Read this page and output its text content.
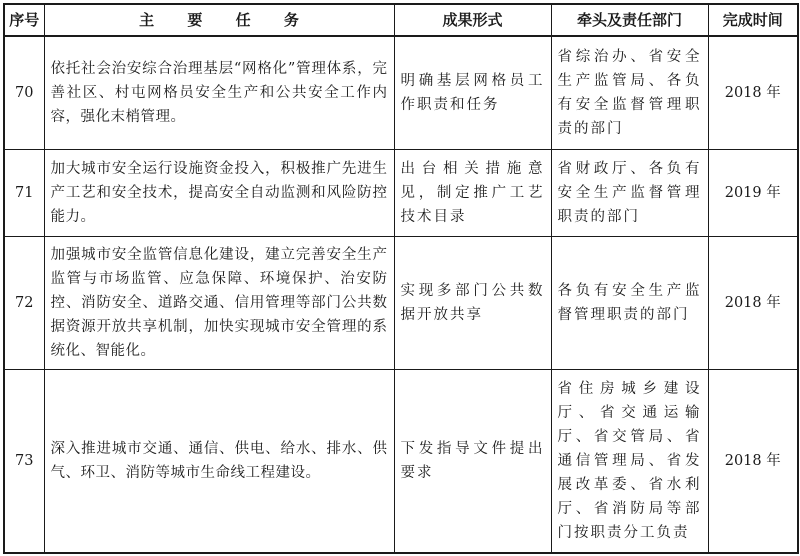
序号	主 要 任 务	成果形式	牵头及责任部门	完成时间
70	依托社会治安综合治理基层“网格化”管理体系，完善社区、村屯网格员安全生产和公共安全工作内容，强化末梢管理。	明确基层网格员工作职责和任务	省综治办、省安全生产监管局、各负有安全监督管理职责的部门	2018 年
71	加大城市安全运行设施资金投入，积极推广先进生产工艺和安全技术，提高安全自动监测和风险防控能力。	出台相关措施意见，制定推广工艺技术目录	省财政厅、各负有安全生产监督管理职责的部门	2019 年
72	加强城市安全监管信息化建设，建立完善安全生产监管与市场监管、应急保障、环境保护、治安防控、消防安全、道路交通、信用管理等部门公共数据资源开放共享机制，加快实现城市安全管理的系统化、智能化。	实现多部门公共数据开放共享	各负有安全生产监督管理职责的部门	2018 年
73	深入推进城市交通、通信、供电、给水、排水、供气、环卫、消防等城市生命线工程建设。	下发指导文件提出要求	省住房城乡建设厅、省交通运输厅、省交管局、省通信管理局、省发展改革委、省水利厅、省消防局等部门按职责分工负责	2018 年
